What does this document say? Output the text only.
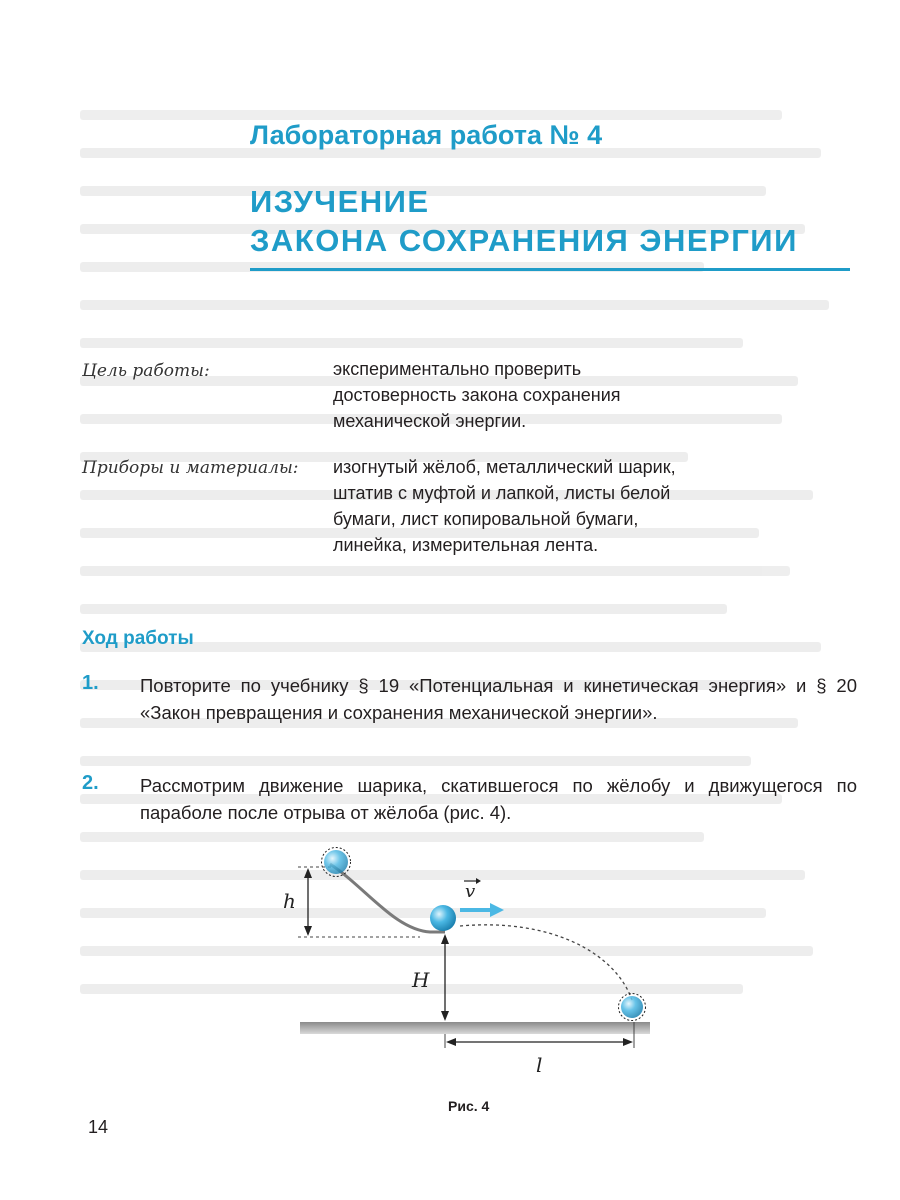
Лабораторная работа № 4
ИЗУЧЕНИЕ
ЗАКОНА СОХРАНЕНИЯ ЭНЕРГИИ
Цель работы:	экспериментально проверить
достоверность закона сохранения
механической энергии.
Приборы и материалы: изогнутый жёлоб, металлический шарик,
штатив с муфтой и лапкой, листы белой
бумаги, лист копировальной бумаги,
линейка, измерительная лента.
Ход работы
1. Повторите по учебнику § 19 «Потенциальная и кинетическая энергия» и § 20 «Закон превращения и сохранения механической энергии».
2. Рассмотрим движение шарика, скатившегося по жёлобу и движущегося по параболе после отрыва от жёлоба (рис. 4).
h	v
H
l
Рис. 4
14
